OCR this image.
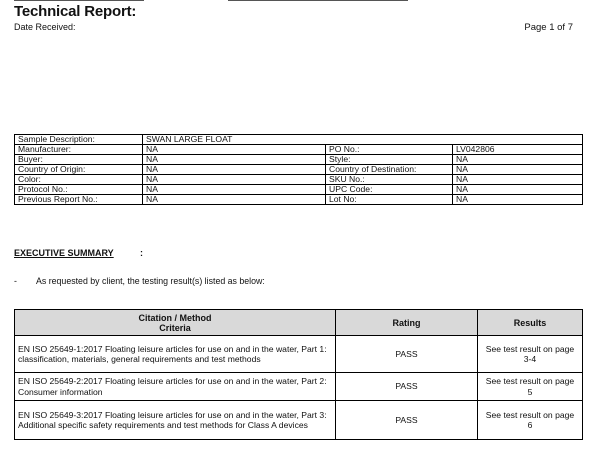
Technical Report:
Date Received:	Page 1 of 7
Sample Description:	SWAN LARGE FLOAT		
Manufacturer:	NA	PO No.:	LV042806
Buyer:	NA	Style:	NA
Country of Origin:	NA	Country of Destination:	NA
Color:	NA	SKU No.:	NA
Protocol No.:	NA	UPC Code:	NA
Previous Report No.:	NA	Lot No:	NA
EXECUTIVE SUMMARY	:
- As requested by client, the testing result(s) listed as below:
Citation / Method
Criteria	Rating	Results
EN ISO 25649-1:2017 Floating leisure articles for use on and in the water, Part 1: classification, materials, general requirements and test methods	PASS	See test result on page 3-4
EN ISO 25649-2:2017 Floating leisure articles for use on and in the water, Part 2: Consumer information	PASS	See test result on page 5
EN ISO 25649-3:2017 Floating leisure articles for use on and in the water, Part 3: Additional specific safety requirements and test methods for Class A devices	PASS	See test result on page 6
